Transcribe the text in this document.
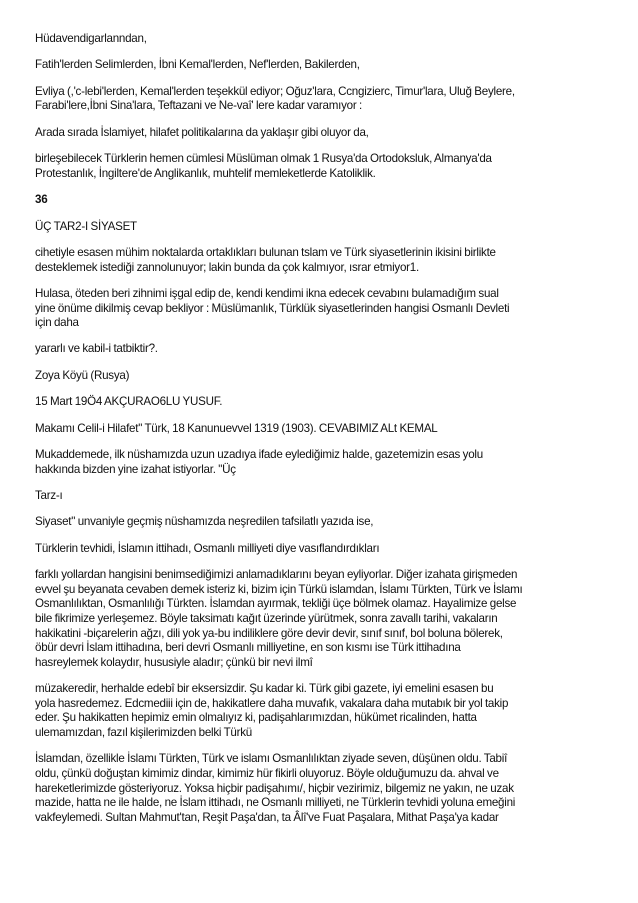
Hüdavendigarlanndan,

Fatih'lerden Selimlerden, İbni Kemal'lerden, Nef'lerden, Bakilerden,

Evliya (,'c-lebi'lerden, Kemal'lerden teşekkül ediyor; Oğuz'lara, Ccngizierc, Timur'lara, Uluğ Beylere,
Farabi'lere,İbni Sina'lara, Teftazani ve Ne-vaî' lere kadar varamıyor :

Arada sırada İslamiyet, hilafet politikalarına da yaklaşır gibi oluyor da,

birleşebilecek Türklerin hemen cümlesi Müslüman olmak 1 Rusya'da Ortodoksluk, Almanya'da
Protestanlık, İngiltere'de Anglikanlık, muhtelif memleketlerde Katoliklik.

36

ÜÇ TAR2-I SİYASET

cihetiyle esasen mühim noktalarda ortaklıkları bulunan tslam ve Türk siyasetlerinin ikisini birlikte
desteklemek istediği zannolunuyor; lakin bunda da çok kalmıyor, ısrar etmiyor1.

Hulasa, öteden beri zihnimi işgal edip de, kendi kendimi ikna edecek cevabını bulamadığım sual
yine önüme dikilmiş cevap bekliyor : Müslümanlık, Türklük siyasetlerinden hangisi Osmanlı Devleti
için daha

yararlı ve kabil-i tatbiktir?.

Zoya Köyü (Rusya)

15 Mart 19Ö4 AKÇURAO6LU YUSUF.

Makamı Celil-i Hilafet" Türk, 18 Kanunuevvel 1319 (1903). CEVABIMIZ ALt KEMAL

Mukaddemede, ilk nüshamızda uzun uzadıya ifade eylediğimiz halde, gazetemizin esas yolu
hakkında bizden yine izahat istiyorlar. "Üç

Tarz-ı

Siyaset" unvaniyle geçmiş nüshamızda neşredilen tafsilatlı yazıda ise,

Türklerin tevhidi, İslamın ittihadı, Osmanlı milliyeti diye vasıflandırdıkları

farklı yollardan hangisini benimsediğimizi anlamadıklarını beyan eyliyorlar. Diğer izahata girişmeden
evvel şu beyanata cevaben demek isteriz ki, bizim için Türkü islamdan, İslamı Türkten, Türk ve İslamı
Osmanlılıktan, Osmanlılığı Türkten. İslamdan ayırmak, tekliği üçe bölmek olamaz. Hayalimize gelse
bile fikrimize yerleşemez. Böyle taksimatı kağıt üzerinde yürütmek, sonra zavallı tarihi, vakaların
hakikatini -biçarelerin ağzı, dili yok ya-bu indiliklere göre devir devir, sınıf sınıf, bol boluna bölerek,
öbür devri İslam ittihadına, beri devri Osmanlı milliyetine, en son kısmı ise Türk ittihadına
hasreylemek kolaydır, hususiyle aladır; çünkü bir nevi ilmî

müzakeredir, herhalde edebî bir eksersizdir. Şu kadar ki. Türk gibi gazete, iyi emelini esasen bu
yola hasredemez. Edcmediii için de, hakikatlere daha muvafık, vakalara daha mutabık bir yol takip
eder. Şu hakikatten hepimiz emin olmalıyız ki, padişahlarımızdan, hükümet ricalinden, hatta
ulemamızdan, fazıl kişilerimizden belki Türkü

İslamdan, özellikle İslamı Türkten, Türk ve islamı Osmanlılıktan ziyade seven, düşünen oldu. Tabiî
oldu, çünkü doğuştan kimimiz dindar, kimimiz hür fikirli oluyoruz. Böyle olduğumuzu da. ahval ve
hareketlerimizde gösteriyoruz. Yoksa hiçbir padişahımı/, hiçbir vezirimiz, bilgemiz ne yakın, ne uzak
mazide, hatta ne ile halde, ne İslam ittihadı, ne Osmanlı milliyeti, ne Türklerin tevhidi yoluna emeğini
vakfeylemedi. Sultan Mahmut'tan, Reşit Paşa'dan, ta Âlî've Fuat Paşalara, Mithat Paşa'ya kadar
